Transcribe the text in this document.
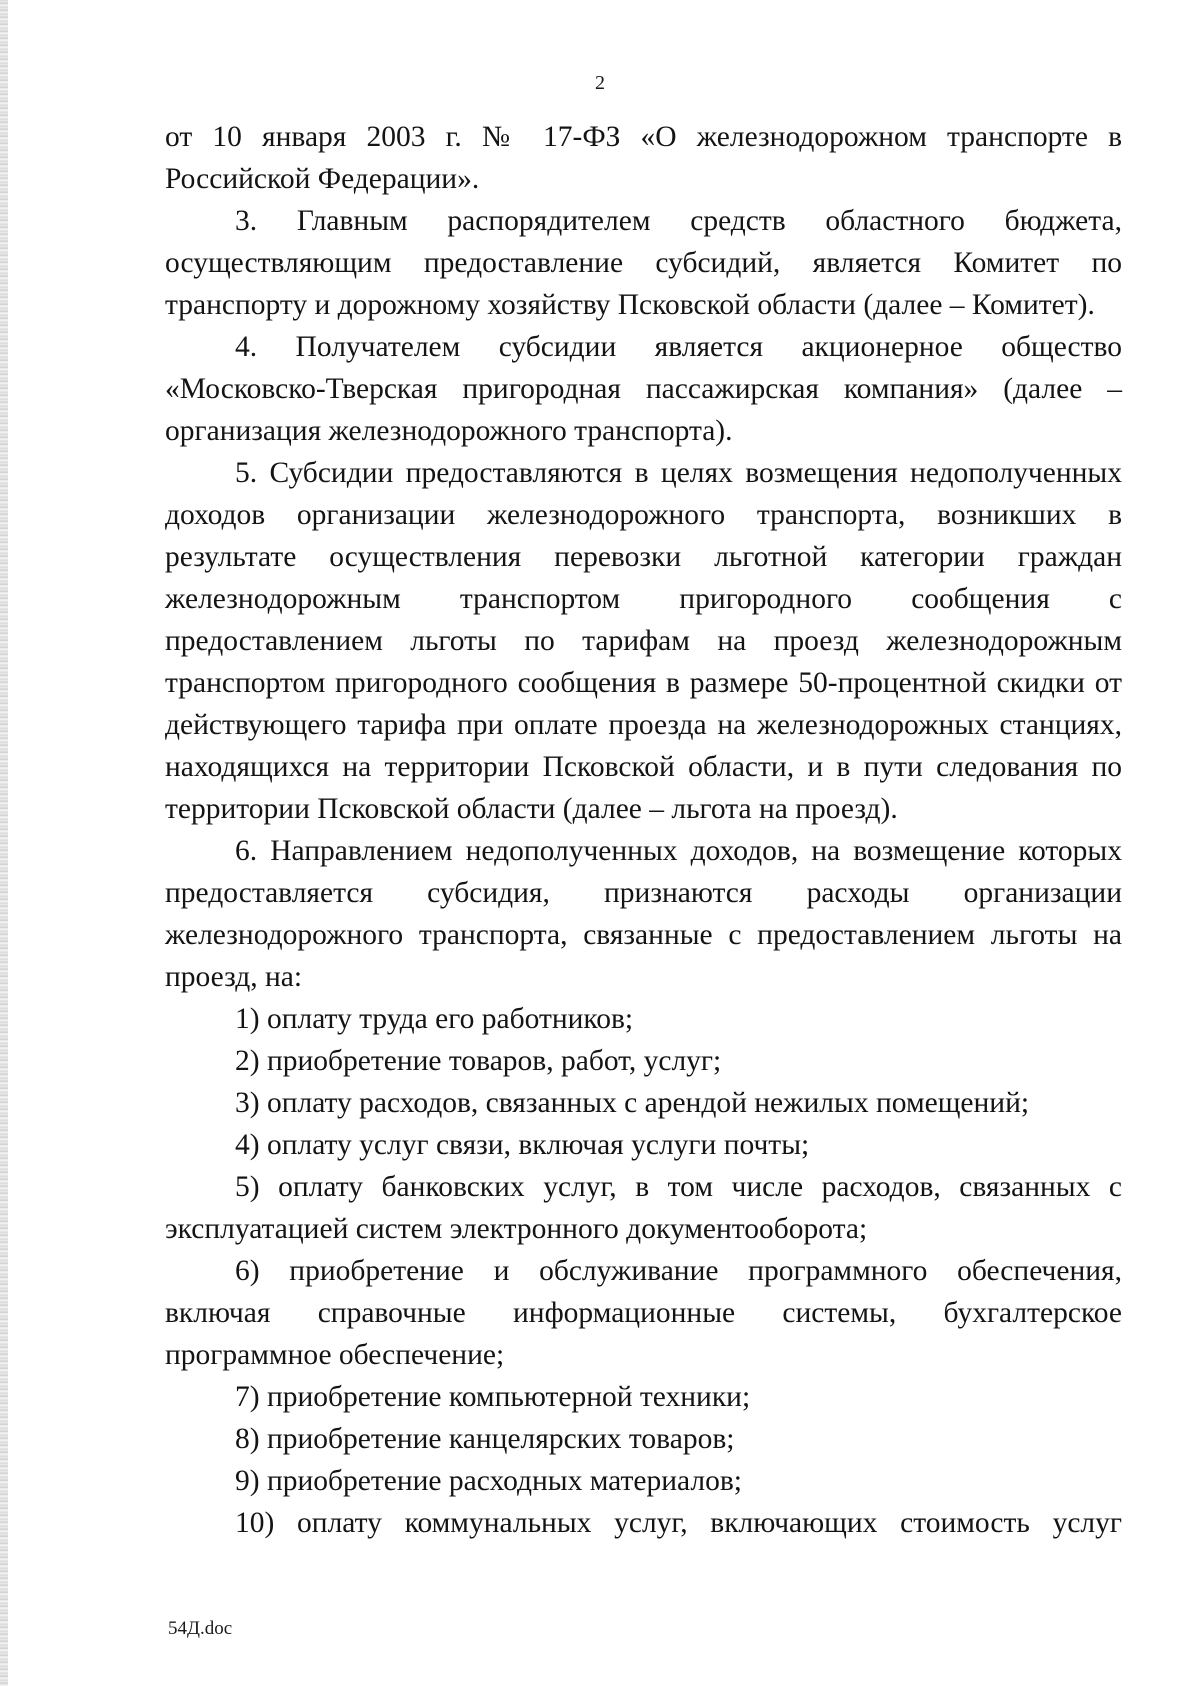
2

от 10 января 2003 г. № 17-ФЗ «О железнодорожном транспорте в Российской Федерации».

3. Главным распорядителем средств областного бюджета, осуществляющим предоставление субсидий, является Комитет по транспорту и дорожному хозяйству Псковской области (далее – Комитет).

4. Получателем субсидии является акционерное общество «Московско-Тверская пригородная пассажирская компания» (далее – организация железнодорожного транспорта).

5. Субсидии предоставляются в целях возмещения недополученных доходов организации железнодорожного транспорта, возникших в результате осуществления перевозки льготной категории граждан железнодорожным транспортом пригородного сообщения с предоставлением льготы по тарифам на проезд железнодорожным транспортом пригородного сообщения в размере 50-процентной скидки от действующего тарифа при оплате проезда на железнодорожных станциях, находящихся на территории Псковской области, и в пути следования по территории Псковской области (далее – льгота на проезд).

6. Направлением недополученных доходов, на возмещение которых предоставляется субсидия, признаются расходы организации железнодорожного транспорта, связанные с предоставлением льготы на проезд, на:

1) оплату труда его работников;

2) приобретение товаров, работ, услуг;

3) оплату расходов, связанных с арендой нежилых помещений;

4) оплату услуг связи, включая услуги почты;

5) оплату банковских услуг, в том числе расходов, связанных с эксплуатацией систем электронного документооборота;

6) приобретение и обслуживание программного обеспечения, включая справочные информационные системы, бухгалтерское программное обеспечение;

7) приобретение компьютерной техники;

8) приобретение канцелярских товаров;

9) приобретение расходных материалов;

10) оплату коммунальных услуг, включающих стоимость услуг

54Д.doc
